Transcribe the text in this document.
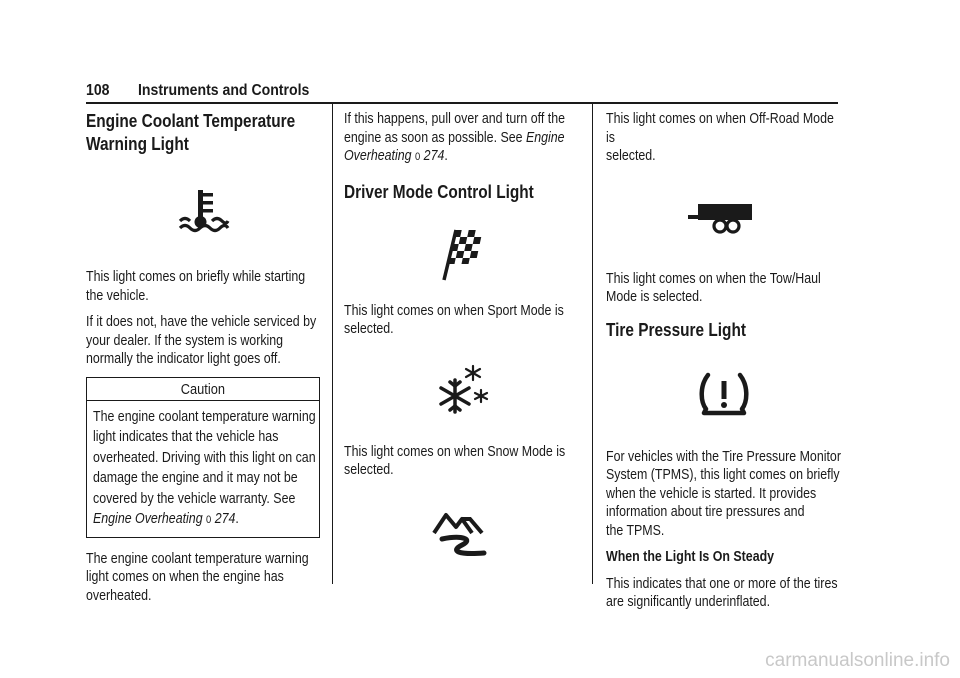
108 Instruments and Controls
Engine Coolant Temperature
Warning Light

This light comes on briefly while starting
the vehicle.

If it does not, have the vehicle serviced by
your dealer. If the system is working
normally the indicator light goes off.

Caution

The engine coolant temperature warning
light indicates that the vehicle has
overheated. Driving with this light on can
damage the engine and it may not be
covered by the vehicle warranty. See
Engine Overheating 0 274.

The engine coolant temperature warning
light comes on when the engine has
overheated.

If this happens, pull over and turn off the
engine as soon as possible. See Engine
Overheating 0 274.

Driver Mode Control Light

This light comes on when Sport Mode is
selected.

This light comes on when Snow Mode is
selected.

This light comes on when Off-Road Mode is
selected.

This light comes on when the Tow/Haul
Mode is selected.

Tire Pressure Light

For vehicles with the Tire Pressure Monitor
System (TPMS), this light comes on briefly
when the vehicle is started. It provides
information about tire pressures and
the TPMS.

When the Light Is On Steady

This indicates that one or more of the tires
are significantly underinflated.

carmanualsonline.info
